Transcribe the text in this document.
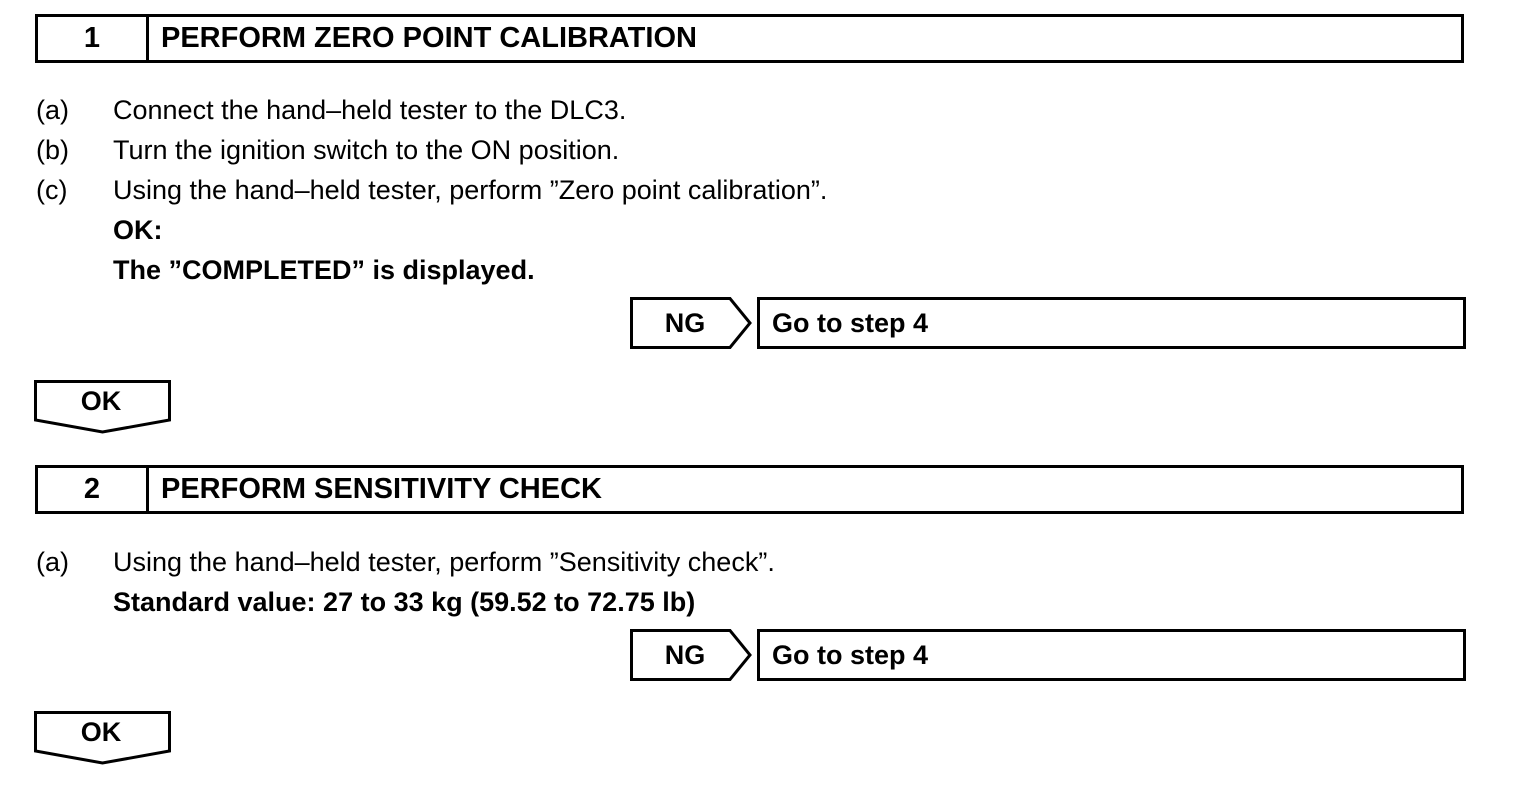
1	PERFORM ZERO POINT CALIBRATION
(a) Connect the hand–held tester to the DLC3.
(b) Turn the ignition switch to the ON position.
(c) Using the hand–held tester, perform ”Zero point calibration”.
OK:
The ”COMPLETED” is displayed.
NG	Go to step 4
OK
2	PERFORM SENSITIVITY CHECK
(a) Using the hand–held tester, perform ”Sensitivity check”.
Standard value: 27 to 33 kg (59.52 to 72.75 lb)
NG	Go to step 4
OK
